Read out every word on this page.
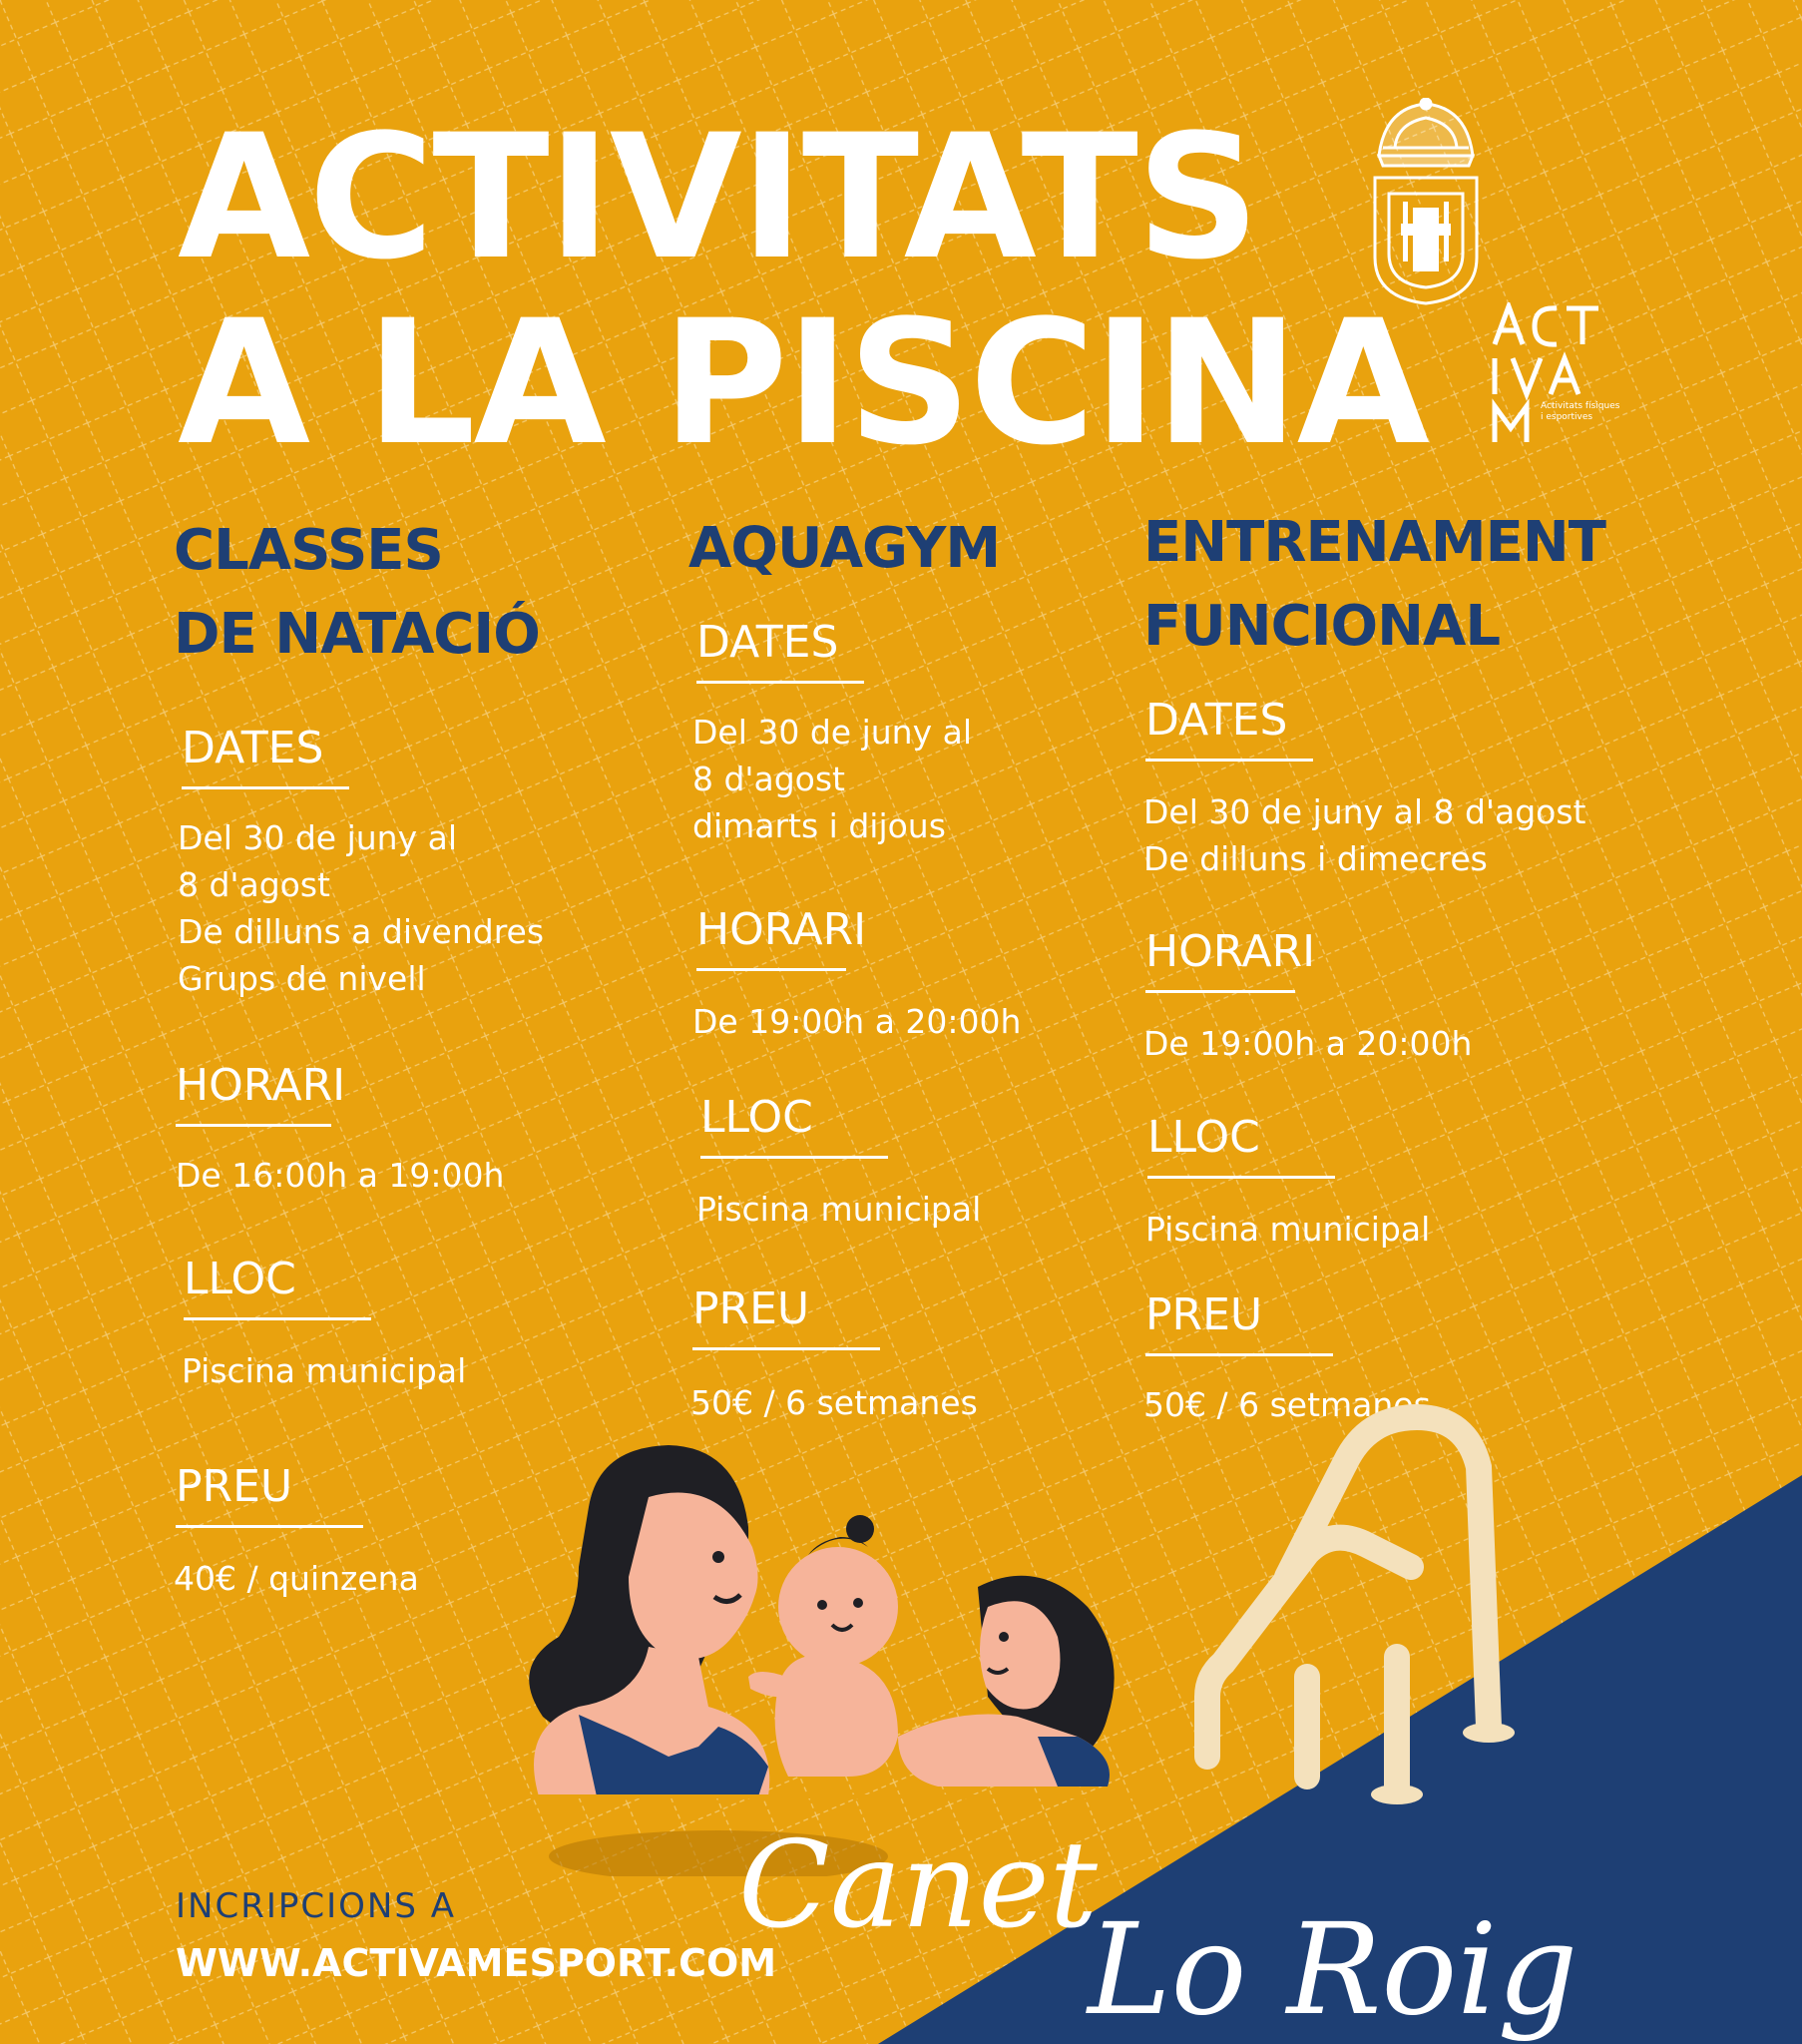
ACTIVITATS
A LA PISCINA	Activitats físiques i esportives
CLASSES
DE NATACIÓ
DATES
Del 30 de juny al
8 d'agost
De dilluns a divendres
Grups de nivell
HORARI
De 16:00h a 19:00h
LLOC
Piscina municipal
PREU
40€ / quinzena
AQUAGYM
DATES
Del 30 de juny al
8 d'agost
dimarts i dijous
HORARI
De 19:00h a 20:00h
LLOC
Piscina municipal
PREU
50€ / 6 setmanes
ENTRENAMENT
FUNCIONAL
DATES
Del 30 de juny al 8 d'agost
De dilluns i dimecres
HORARI
De 19:00h a 20:00h
LLOC
Piscina municipal
PREU
50€ / 6 setmanes
INCRIPCIONS A
WWW.ACTIVAMESPORT.COM
Canet
Lo Roig
